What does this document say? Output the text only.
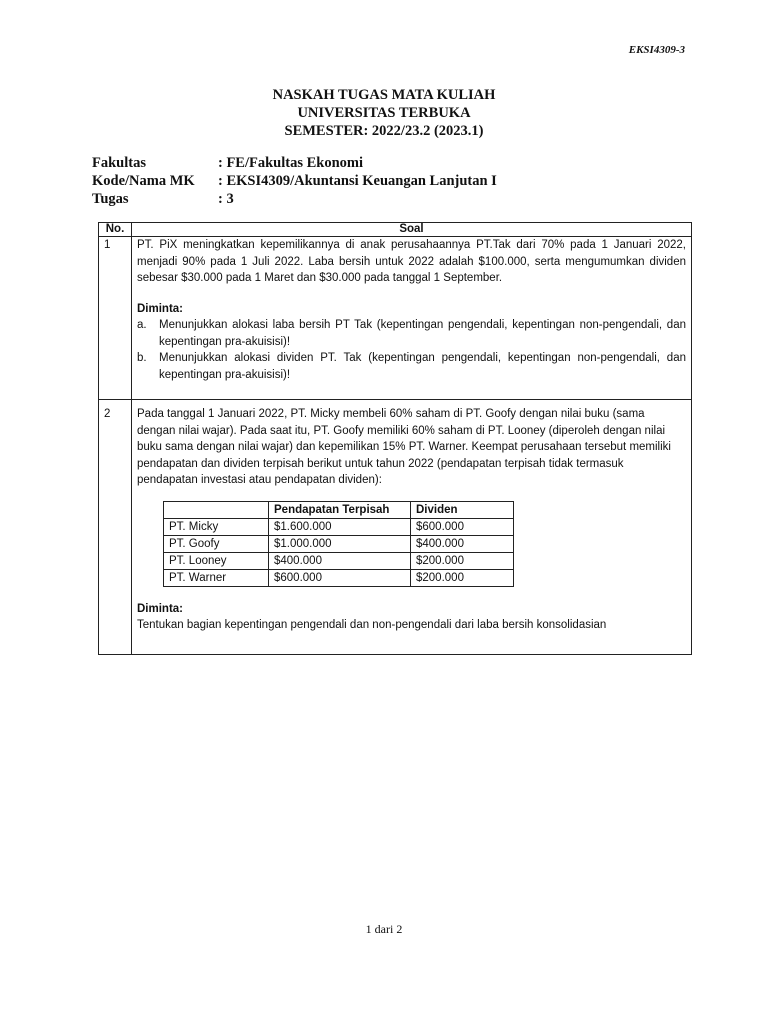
EKSI4309-3
NASKAH TUGAS MATA KULIAH
UNIVERSITAS TERBUKA
SEMESTER: 2022/23.2 (2023.1)
Fakultas	: FE/Fakultas Ekonomi
Kode/Nama MK	: EKSI4309/Akuntansi Keuangan Lanjutan I
Tugas	: 3
No.	Soal
1	PT. PiX meningkatkan kepemilikannya di anak perusahaannya PT.Tak dari 70% pada 1 Januari 2022, menjadi 90% pada 1 Juli 2022. Laba bersih untuk 2022 adalah $100.000, serta mengumumkan dividen sebesar $30.000 pada 1 Maret dan $30.000 pada tanggal 1 September.
Diminta:
a.	Menunjukkan alokasi laba bersih PT Tak (kepentingan pengendali, kepentingan non-pengendali, dan kepentingan pra-akuisisi)!
b.	Menunjukkan alokasi dividen PT. Tak (kepentingan pengendali, kepentingan non-pengendali, dan kepentingan pra-akuisisi)!

2	Pada tanggal 1 Januari 2022, PT. Micky membeli 60% saham di PT. Goofy dengan nilai buku (sama dengan nilai wajar). Pada saat itu, PT. Goofy memiliki 60% saham di PT. Looney (diperoleh dengan nilai buku sama dengan nilai wajar) dan kepemilikan 15% PT. Warner. Keempat perusahaan tersebut memiliki pendapatan dan dividen terpisah berikut untuk tahun 2022 (pendapatan terpisah tidak termasuk pendapatan investasi atau pendapatan dividen):
	Pendapatan Terpisah	Dividen
PT. Micky	$1.600.000	$600.000
PT. Goofy	$1.000.000	$400.000
PT. Looney	$400.000	$200.000
PT. Warner	$600.000	$200.000
Diminta:
Tentukan bagian kepentingan pengendali dan non-pengendali dari laba bersih konsolidasian
1 dari 2
